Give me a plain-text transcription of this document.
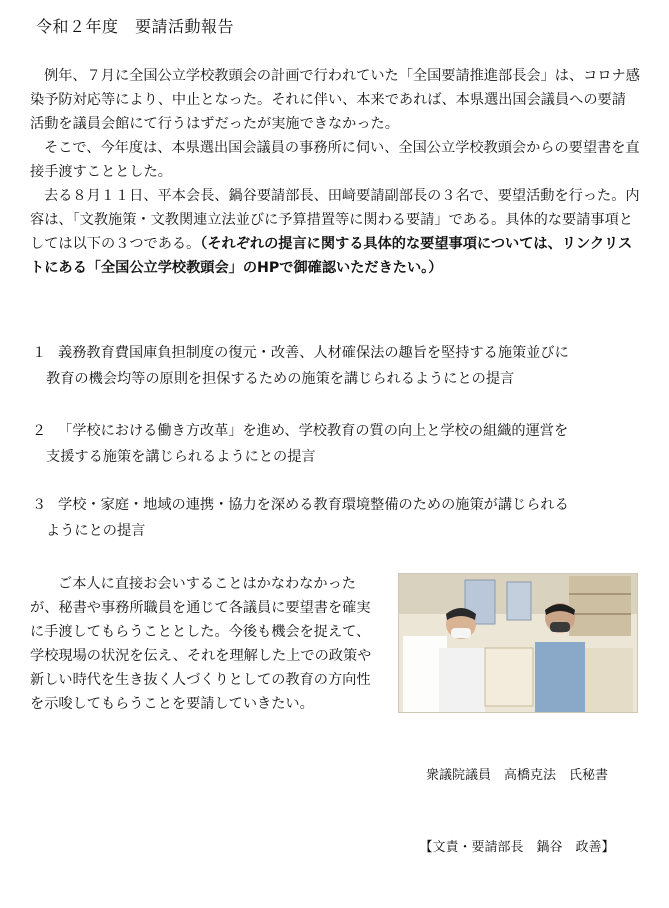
令和２年度　要請活動報告

例年、７月に全国公立学校教頭会の計画で行われていた「全国要請推進部長会」は、コロナ感染予防対応等により、中止となった。それに伴い、本来であれば、本県選出国会議員への要請活動を議員会館にて行うはずだったが実施できなかった。

そこで、今年度は、本県選出国会議員の事務所に伺い、全国公立学校教頭会からの要望書を直接手渡すこととした。

去る８月１１日、平本会長、鍋谷要請部長、田﨑要請副部長の３名で、要望活動を行った。内容は、「文教施策・文教関連立法並びに予算措置等に関わる要請」である。具体的な要請事項としては以下の３つである。（それぞれの提言に関する具体的な要望事項については、リンクリストにある「全国公立学校教頭会」のHPで御確認いただきたい。）

１ 義務教育費国庫負担制度の復元・改善、人材確保法の趣旨を堅持する施策並びに
教育の機会均等の原則を担保するための施策を講じられるようにとの提言
２ 「学校における働き方改革」を進め、学校教育の質の向上と学校の組織的運営を
支援する施策を講じられるようにとの提言
３ 学校・家庭・地域の連携・協力を深める教育環境整備のための施策が講じられる
ようにとの提言

ご本人に直接お会いすることはかなわなかったが、秘書や事務所職員を通じて各議員に要望書を確実に手渡してもらうこととした。今後も機会を捉えて、学校現場の状況を伝え、それを理解した上での政策や新しい時代を生き抜く人づくりとしての教育の方向性を示唆してもらうことを要請していきたい。

衆議院議員　高橋克法　氏秘書

【文責・要請部長　鍋谷　政善】
